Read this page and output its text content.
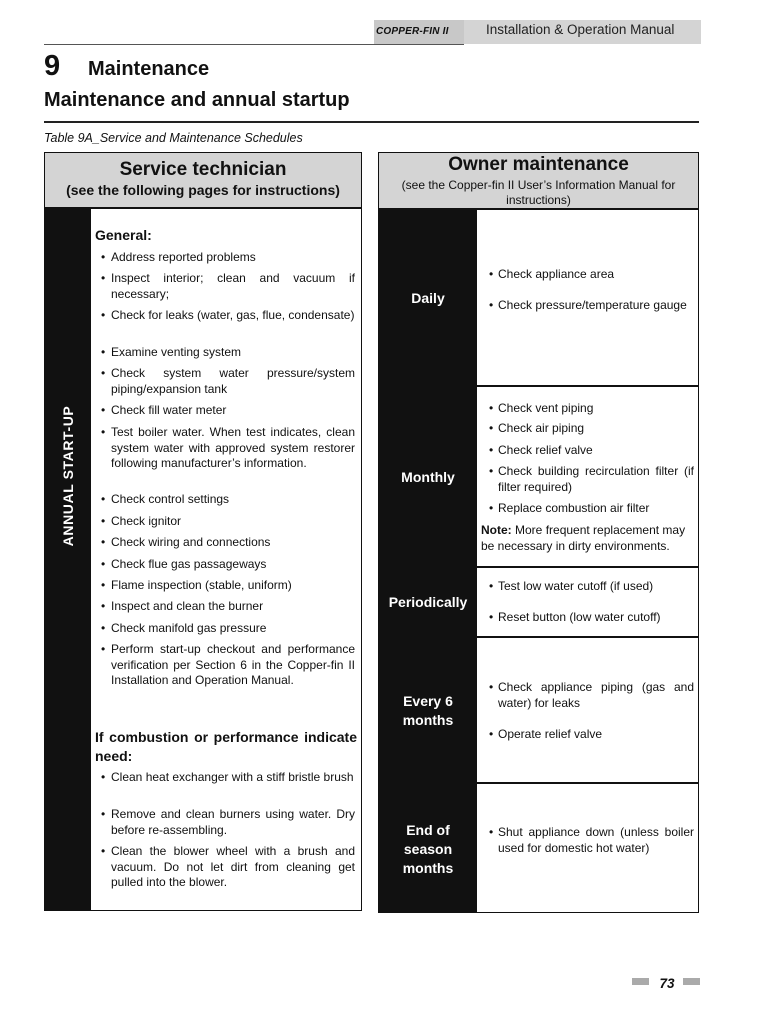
COPPER-FIN II	Installation & Operation Manual
9 Maintenance
Maintenance and annual startup
Table 9A_Service and Maintenance Schedules
Service technician
(see the following pages for instructions)
ANNUAL START-UP
General:
• Address reported problems
• Inspect interior; clean and vacuum if necessary;
• Check for leaks (water, gas, flue, condensate)
• Examine venting system
• Check system water pressure/system piping/expansion tank
• Check fill water meter
• Test boiler water. When test indicates, clean system water with approved system restorer following manufacturer’s information.
• Check control settings
• Check ignitor
• Check wiring and connections
• Check flue gas passageways
• Flame inspection (stable, uniform)
• Inspect and clean the burner
• Check manifold gas pressure
• Perform start-up checkout and performance verification per Section 6 in the Copper-fin II Installation and Operation Manual.
If combustion or performance indicate need:
• Clean heat exchanger with a stiff bristle brush
• Remove and clean burners using water. Dry before re-assembling.
• Clean the blower wheel with a brush and vacuum. Do not let dirt from cleaning get pulled into the blower.
Owner maintenance
(see the Copper-fin II User’s Information Manual for instructions)
Daily
Monthly
Periodically
Every 6 months
End of season months
• Check appliance area
• Check pressure/temperature gauge
• Check vent piping
• Check air piping
• Check relief valve
• Check building recirculation filter (if filter required)
• Replace combustion air filter
Note: More frequent replacement may be necessary in dirty environments.
• Test low water cutoff (if used)
• Reset button (low water cutoff)
• Check appliance piping (gas and water) for leaks
• Operate relief valve
• Shut appliance down (unless boiler used for domestic hot water)
73
